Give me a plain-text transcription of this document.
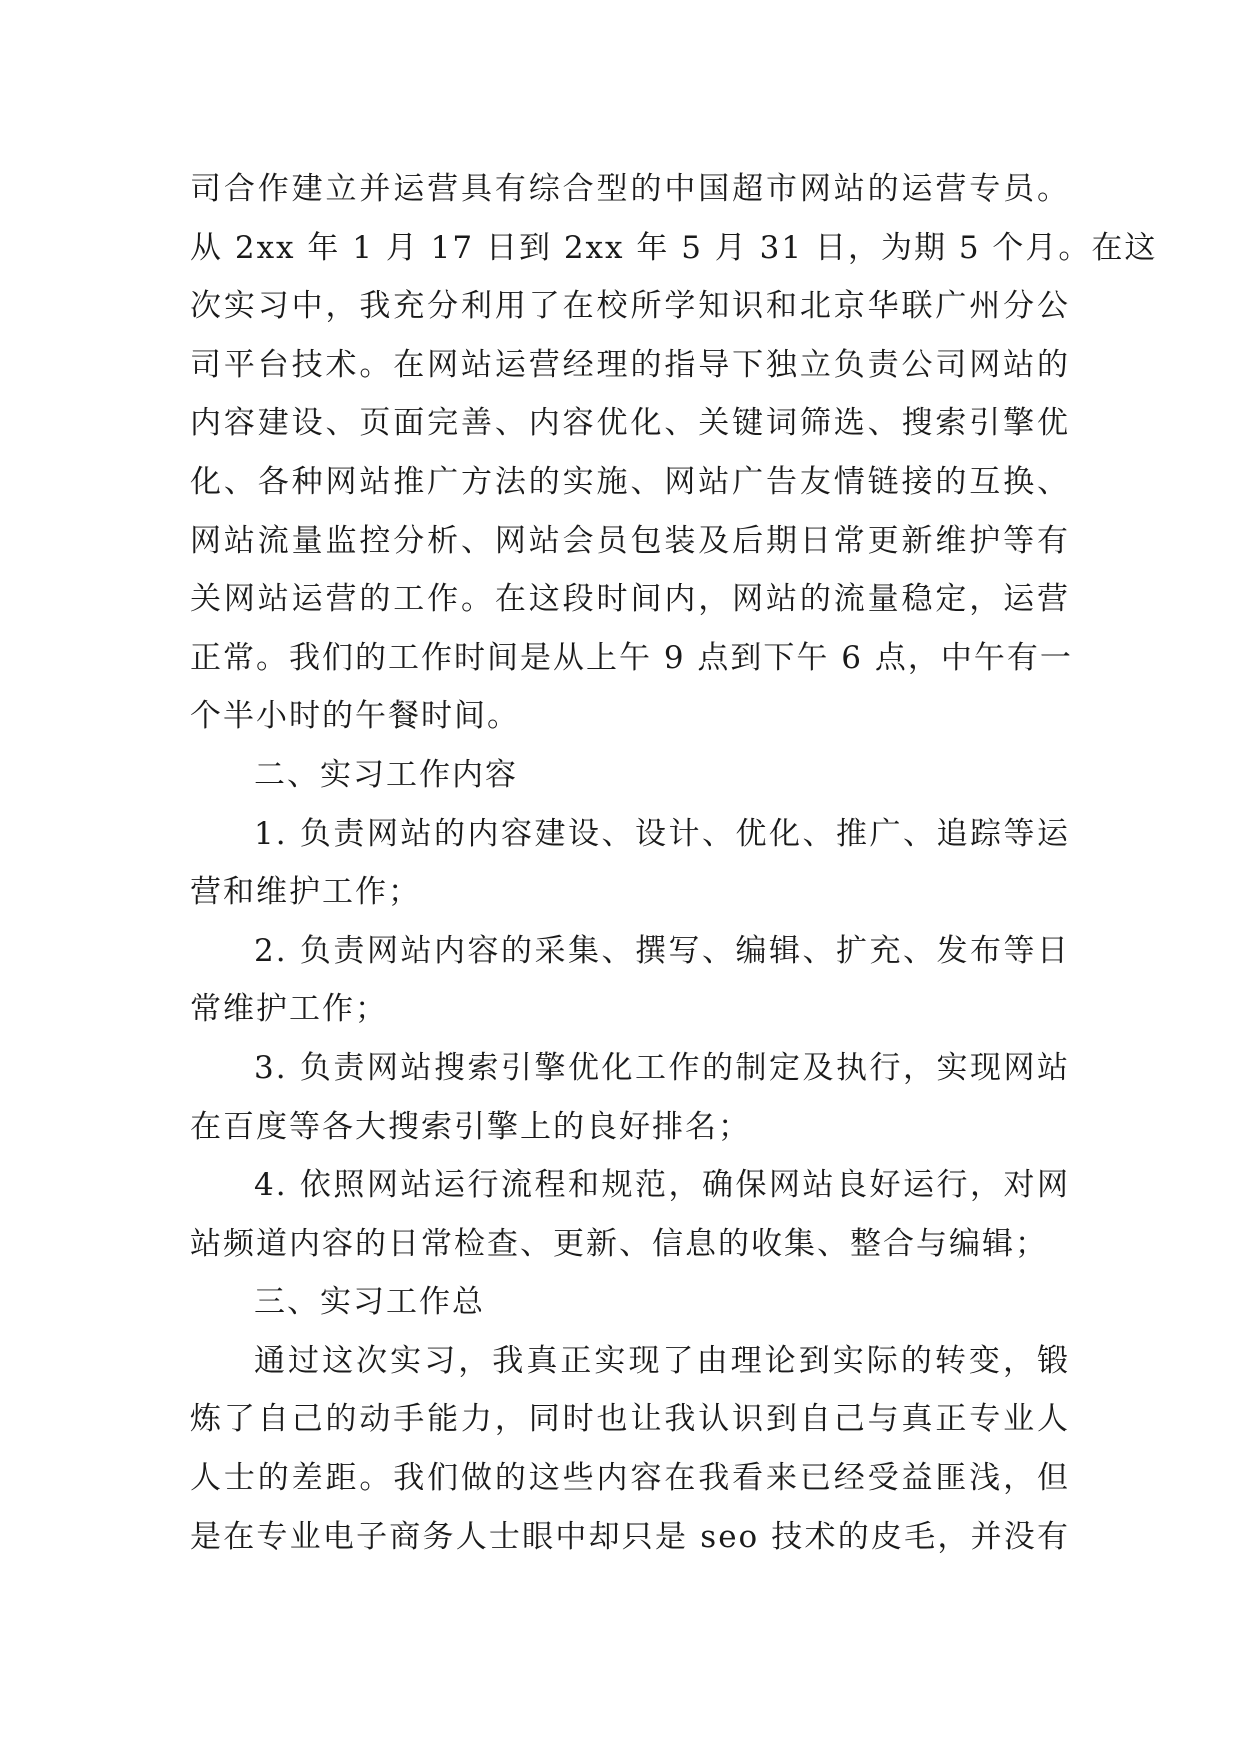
司合作建立并运营具有综合型的中国超市网站的运营专员。
从 2xx 年 1 月 17 日到 2xx 年 5 月 31 日，为期 5 个月。在这
次实习中，我充分利用了在校所学知识和北京华联广州分公
司平台技术。在网站运营经理的指导下独立负责公司网站的
内容建设、页面完善、内容优化、关键词筛选、搜索引擎优
化、各种网站推广方法的实施、网站广告友情链接的互换、
网站流量监控分析、网站会员包装及后期日常更新维护等有
关网站运营的工作。在这段时间内，网站的流量稳定，运营
正常。我们的工作时间是从上午 9 点到下午 6 点，中午有一
个半小时的午餐时间。
二、实习工作内容
1. 负责网站的内容建设、设计、优化、推广、追踪等运
营和维护工作；
2. 负责网站内容的采集、撰写、编辑、扩充、发布等日
常维护工作；
3. 负责网站搜索引擎优化工作的制定及执行，实现网站
在百度等各大搜索引擎上的良好排名；
4. 依照网站运行流程和规范，确保网站良好运行，对网
站频道内容的日常检查、更新、信息的收集、整合与编辑；
三、实习工作总
通过这次实习，我真正实现了由理论到实际的转变，锻
炼了自己的动手能力，同时也让我认识到自己与真正专业人
人士的差距。我们做的这些内容在我看来已经受益匪浅，但
是在专业电子商务人士眼中却只是 seo 技术的皮毛，并没有
